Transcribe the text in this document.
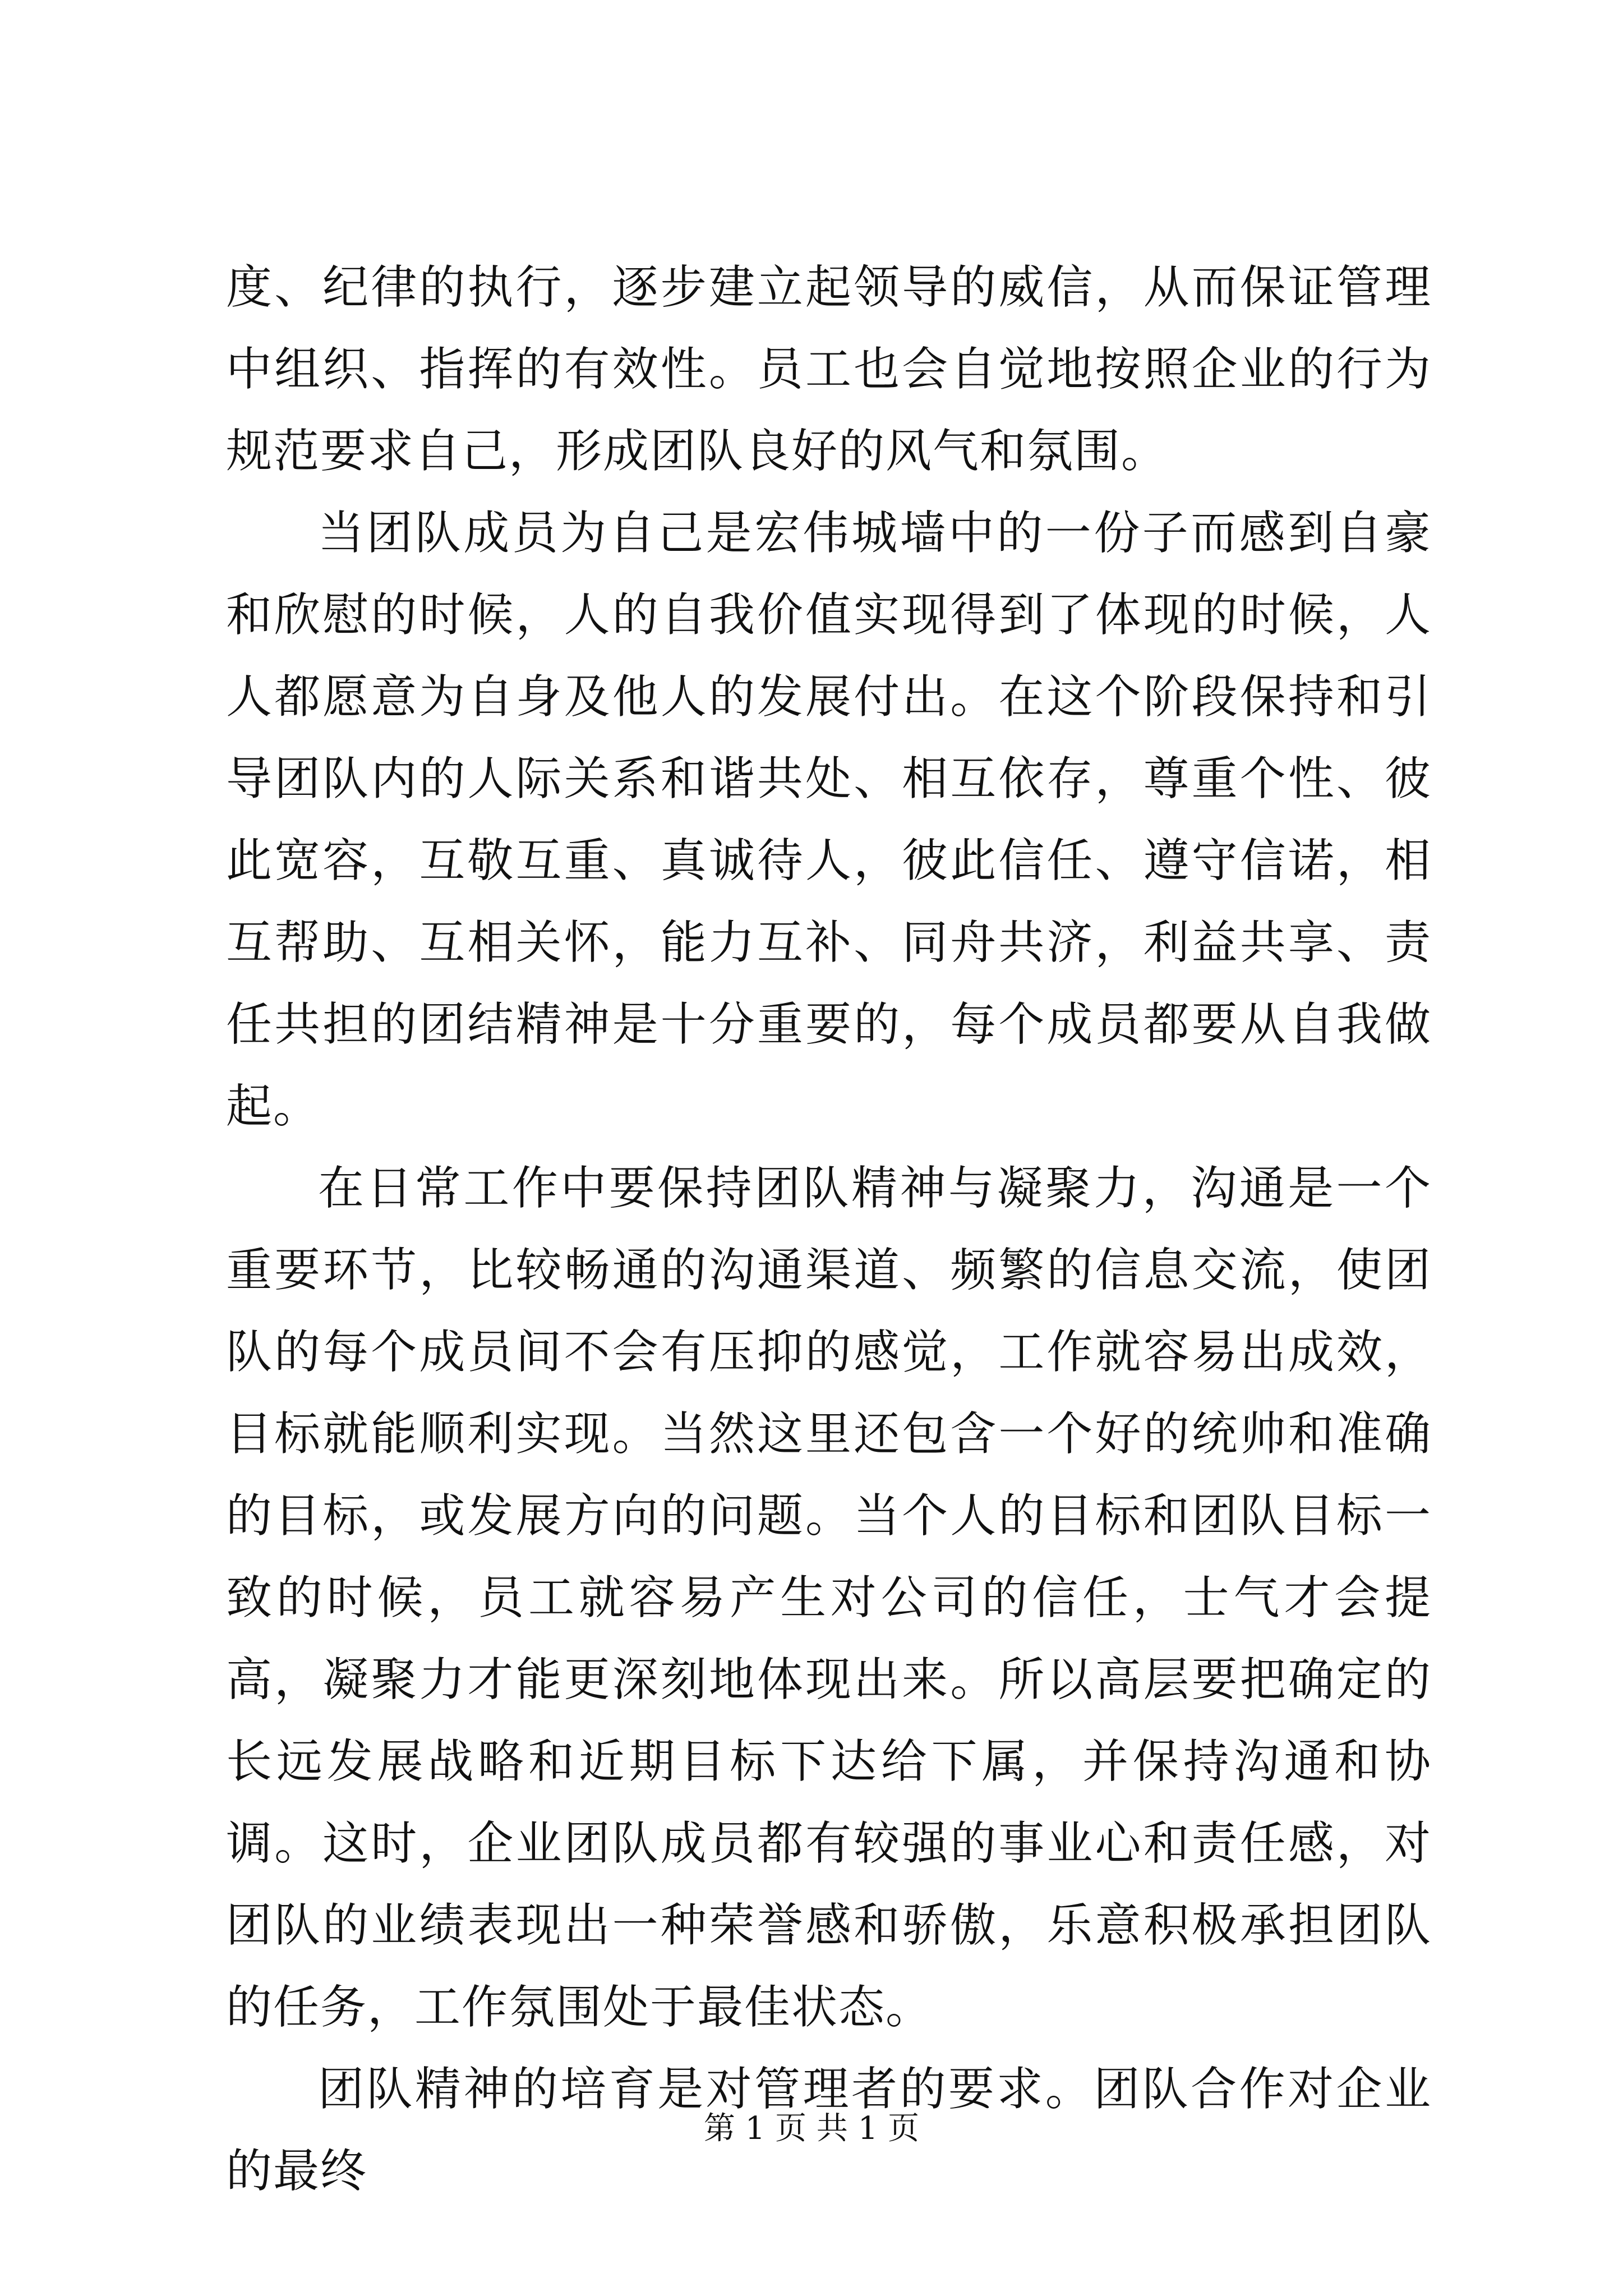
度、纪律的执行，逐步建立起领导的威信，从而保证管理中组织、指挥的有效性。员工也会自觉地按照企业的行为规范要求自己，形成团队良好的风气和氛围。

当团队成员为自己是宏伟城墙中的一份子而感到自豪和欣慰的时候，人的自我价值实现得到了体现的时候，人人都愿意为自身及他人的发展付出。在这个阶段保持和引导团队内的人际关系和谐共处、相互依存，尊重个性、彼此宽容，互敬互重、真诚待人，彼此信任、遵守信诺，相互帮助、互相关怀，能力互补、同舟共济，利益共享、责任共担的团结精神是十分重要的，每个成员都要从自我做起。

在日常工作中要保持团队精神与凝聚力，沟通是一个重要环节，比较畅通的沟通渠道、频繁的信息交流，使团队的每个成员间不会有压抑的感觉，工作就容易出成效，目标就能顺利实现。当然这里还包含一个好的统帅和准确的目标，或发展方向的问题。当个人的目标和团队目标一致的时候，员工就容易产生对公司的信任，士气才会提高，凝聚力才能更深刻地体现出来。所以高层要把确定的长远发展战略和近期目标下达给下属，并保持沟通和协调。这时，企业团队成员都有较强的事业心和责任感，对团队的业绩表现出一种荣誉感和骄傲，乐意积极承担团队的任务，工作氛围处于最佳状态。

团队精神的培育是对管理者的要求。团队合作对企业的最终

第 1 页 共 1 页
